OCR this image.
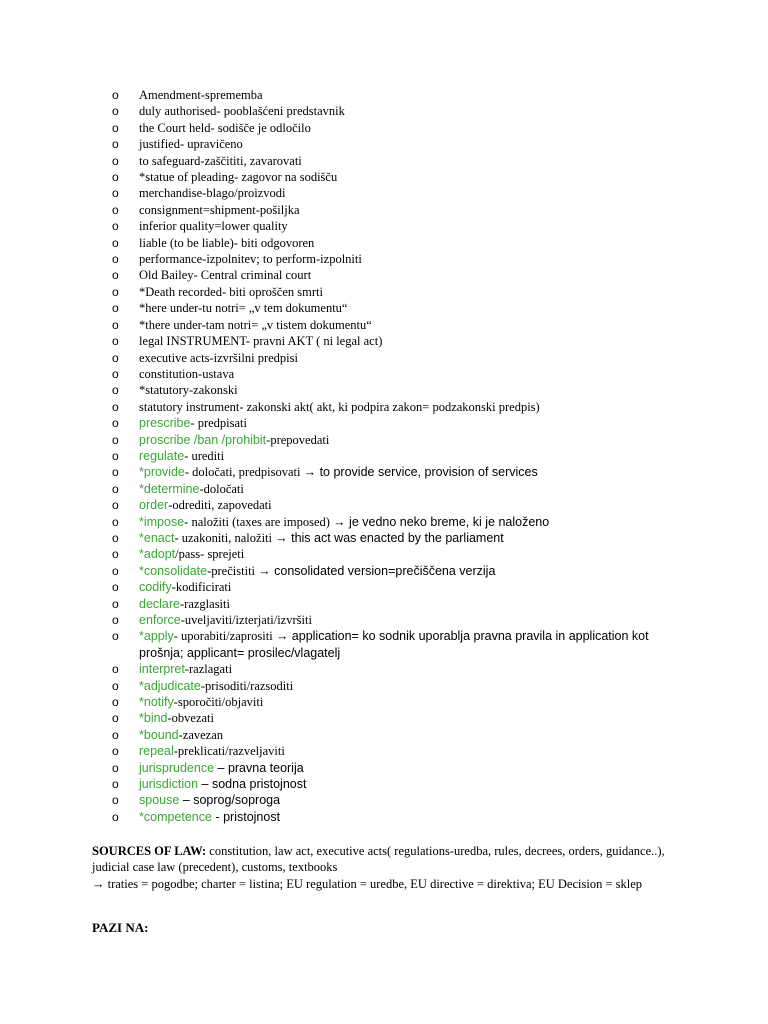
o Amendment-sprememba
o duly authorised- pooblašćeni predstavnik
o the Court held- sodišče je odločilo
o justified- upravičeno
o to safeguard-zaščititi, zavarovati
o *statue of pleading- zagovor na sodišču
o merchandise-blago/proizvodi
o consignment=shipment-pošiljka
o inferior quality=lower quality
o liable (to be liable)- biti odgovoren
o performance-izpolnitev; to perform-izpolniti
o Old Bailey- Central criminal court
o *Death recorded- biti oproščen smrti
o *here under-tu notri= „v tem dokumentu“
o *there under-tam notri= „v tistem dokumentu“
o legal INSTRUMENT- pravni AKT ( ni legal act)
o executive acts-izvršilni predpisi
o constitution-ustava
o *statutory-zakonski
o statutory instrument- zakonski akt( akt, ki podpira zakon= podzakonski predpis)
o prescribe- predpisati
o proscribe /ban /prohibit-prepovedati
o regulate- urediti
o *provide- določati, predpisovati → to provide service, provision of services
o *determine-določati
o order-odrediti, zapovedati
o *impose- naložiti (taxes are imposed) → je vedno neko breme, ki je naloženo
o *enact- uzakoniti, naložiti → this act was enacted by the parliament
o *adopt/pass- sprejeti
o *consolidate-prečistiti → consolidated version=prečiščena verzija
o codify-kodificirati
o declare-razglasiti
o enforce-uveljaviti/izterjati/izvršiti
o *apply- uporabiti/zaprositi → application= ko sodnik uporablja pravna pravila in application kot prošnja; applicant= prosilec/vlagatelj
o interpret-razlagati
o *adjudicate-prisoditi/razsoditi
o *notify-sporočiti/objaviti
o *bind-obvezati
o *bound-zavezan
o repeal-preklicati/razveljaviti
o jurisprudence – pravna teorija
o jurisdiction – sodna pristojnost
o spouse – soprog/soproga
o *competence - pristojnost
SOURCES OF LAW: constitution, law act, executive acts( regulations-uredba, rules, decrees, orders, guidance..), judicial case law (precedent), customs, textbooks
→ traties = pogodbe; charter = listina; EU regulation = uredbe, EU directive = direktiva; EU Decision = sklep
PAZI NA:
